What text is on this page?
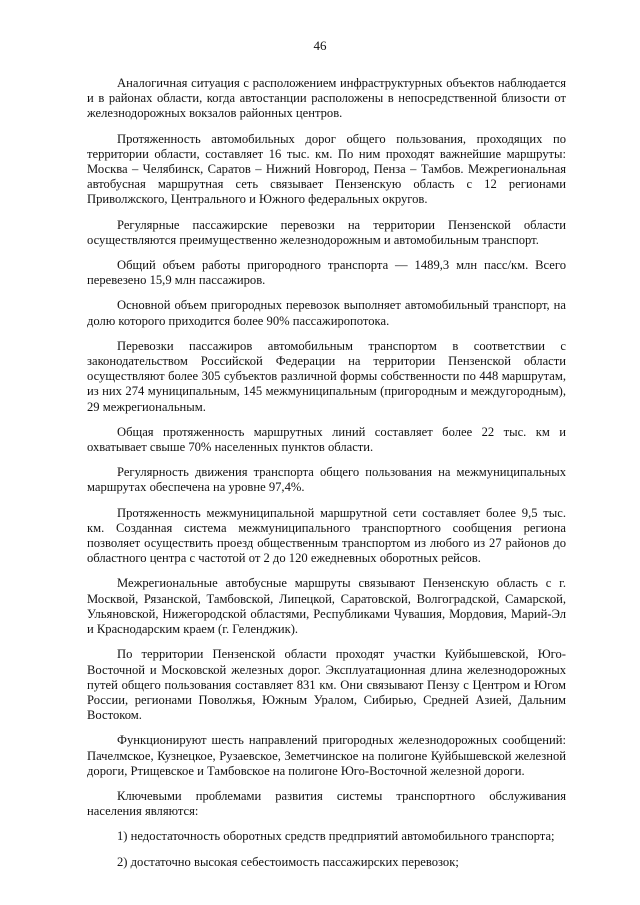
46

Аналогичная ситуация с расположением инфраструктурных объектов наблюдается и в районах области, когда автостанции расположены в непосредственной близости от железнодорожных вокзалов районных центров.

Протяженность автомобильных дорог общего пользования, проходящих по территории области, составляет 16 тыс. км. По ним проходят важнейшие маршруты: Москва – Челябинск, Саратов – Нижний Новгород, Пенза – Тамбов. Межрегиональная автобусная маршрутная сеть связывает Пензенскую область с 12 регионами Приволжского, Центрального и Южного федеральных округов.

Регулярные пассажирские перевозки на территории Пензенской области осуществляются преимущественно железнодорожным и автомобильным транспорт.

Общий объем работы пригородного транспорта — 1489,3 млн пасс/км. Всего перевезено 15,9 млн пассажиров.

Основной объем пригородных перевозок выполняет автомобильный транспорт, на долю которого приходится более 90% пассажиропотока.

Перевозки пассажиров автомобильным транспортом в соответствии с законодательством Российской Федерации на территории Пензенской области осуществляют более 305 субъектов различной формы собственности по 448 маршрутам, из них 274 муниципальным, 145 межмуниципальным (пригородным и междугородным), 29 межрегиональным.

Общая протяженность маршрутных линий составляет более 22 тыс. км и охватывает свыше 70% населенных пунктов области.

Регулярность движения транспорта общего пользования на межмуниципальных маршрутах обеспечена на уровне 97,4%.

Протяженность межмуниципальной маршрутной сети составляет более 9,5 тыс. км. Созданная система межмуниципального транспортного сообщения региона позволяет осуществить проезд общественным транспортом из любого из 27 районов до областного центра с частотой от 2 до 120 ежедневных оборотных рейсов.

Межрегиональные автобусные маршруты связывают Пензенскую область с г. Москвой, Рязанской, Тамбовской, Липецкой, Саратовской, Волгоградской, Самарской, Ульяновской, Нижегородской областями, Республиками Чувашия, Мордовия, Марий-Эл и Краснодарским краем (г. Геленджик).

По территории Пензенской области проходят участки Куйбышевской, Юго-Восточной и Московской железных дорог. Эксплуатационная длина железнодорожных путей общего пользования составляет 831 км. Они связывают Пензу с Центром и Югом России, регионами Поволжья, Южным Уралом, Сибирью, Средней Азией, Дальним Востоком.

Функционируют шесть направлений пригородных железнодорожных сообщений: Пачелмское, Кузнецкое, Рузаевское, Земетчинское на полигоне Куйбышевской железной дороги, Ртищевское и Тамбовское на полигоне Юго-Восточной железной дороги.

Ключевыми проблемами развития системы транспортного обслуживания населения являются:

1) недостаточность оборотных средств предприятий автомобильного транспорта;

2) достаточно высокая себестоимость пассажирских перевозок;
